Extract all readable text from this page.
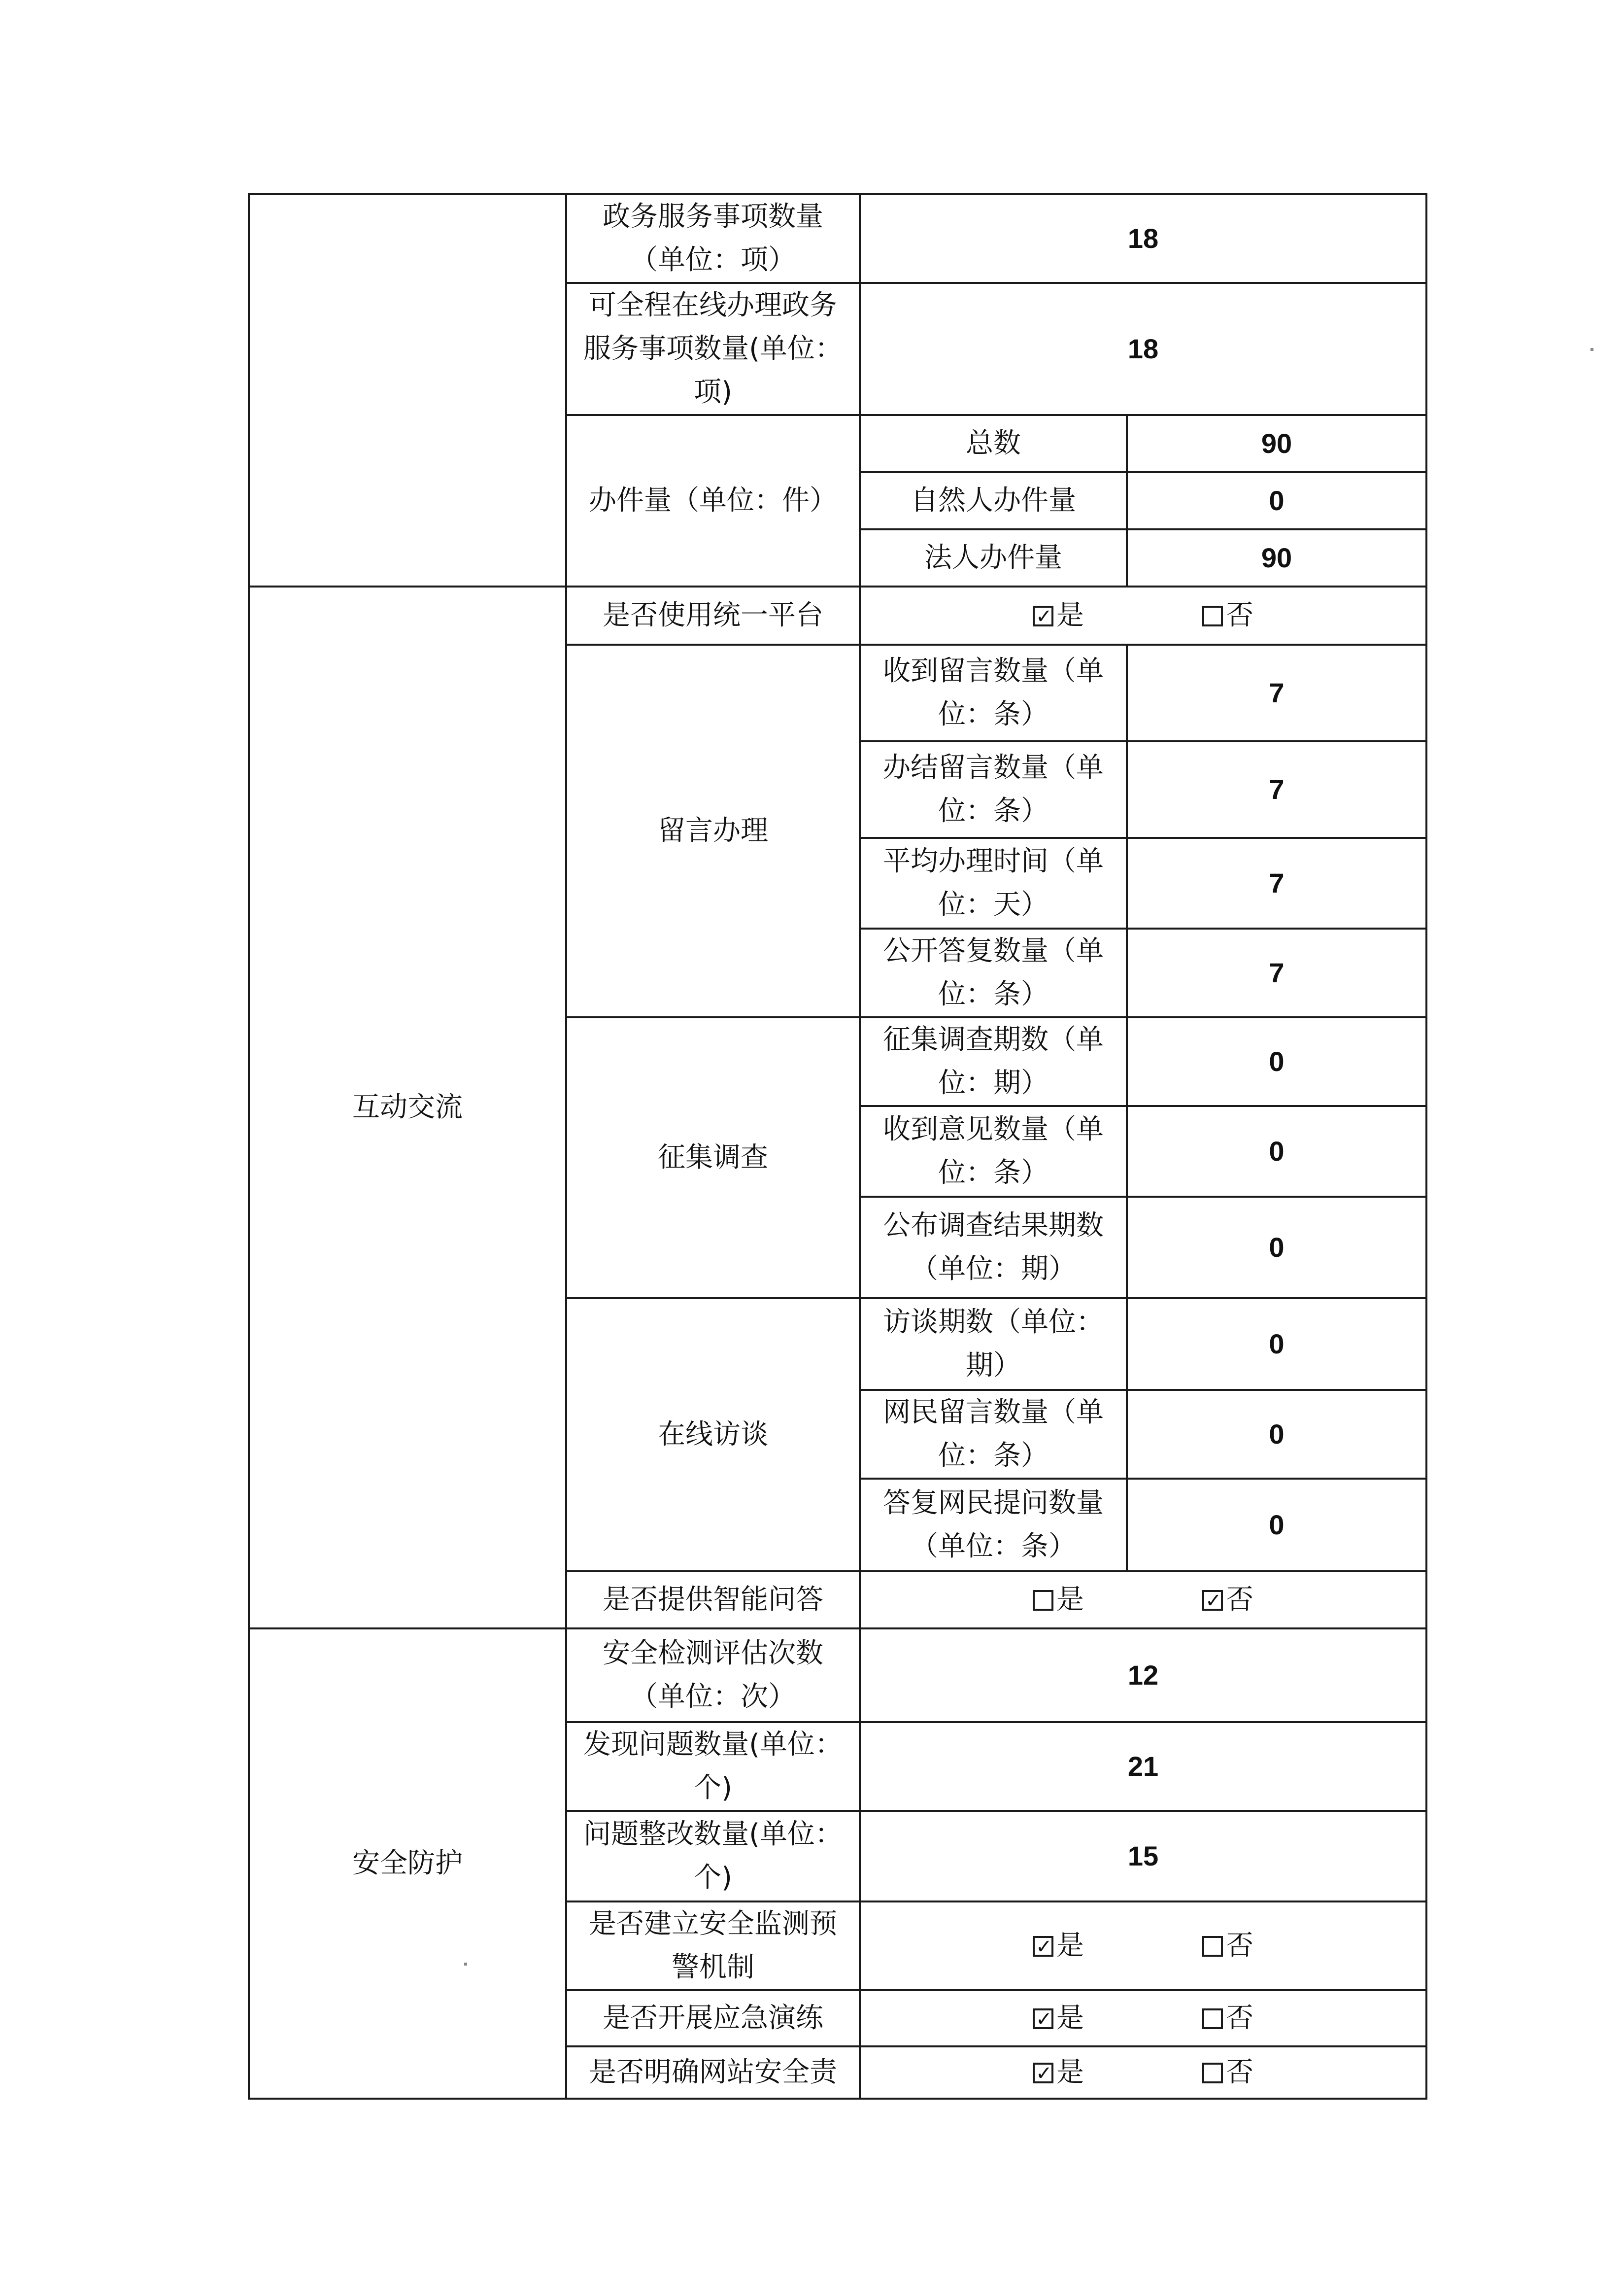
	政务服务事项数量（单位：项）	18	
	可全程在线办理政务服务事项数量(单位：项)	18	
	办件量（单位：件）	总数	90
		自然人办件量	0
		法人办件量	90
互动交流	是否使用统一平台	✓是 否
	留言办理	收到留言数量（单位：条）	7
		办结留言数量（单位：条）	7
		平均办理时间（单位：天）	7
		公开答复数量（单位：条）	7
	征集调查	征集调查期数（单位：期）	0
		收到意见数量（单位：条）	0
		公布调查结果期数（单位：期）	0
	在线访谈	访谈期数（单位：期）	0
		网民留言数量（单位：条）	0
		答复网民提问数量（单位：条）	0
	是否提供智能问答	是 ✓ 否
安全防护	安全检测评估次数（单位：次）	12	
	发现问题数量(单位：个)	21	
	问题整改数量(单位：个)	15	
	是否建立安全监测预警机制	✓是 否
	是否开展应急演练	✓是 否
	是否明确网站安全责	✓是 否
